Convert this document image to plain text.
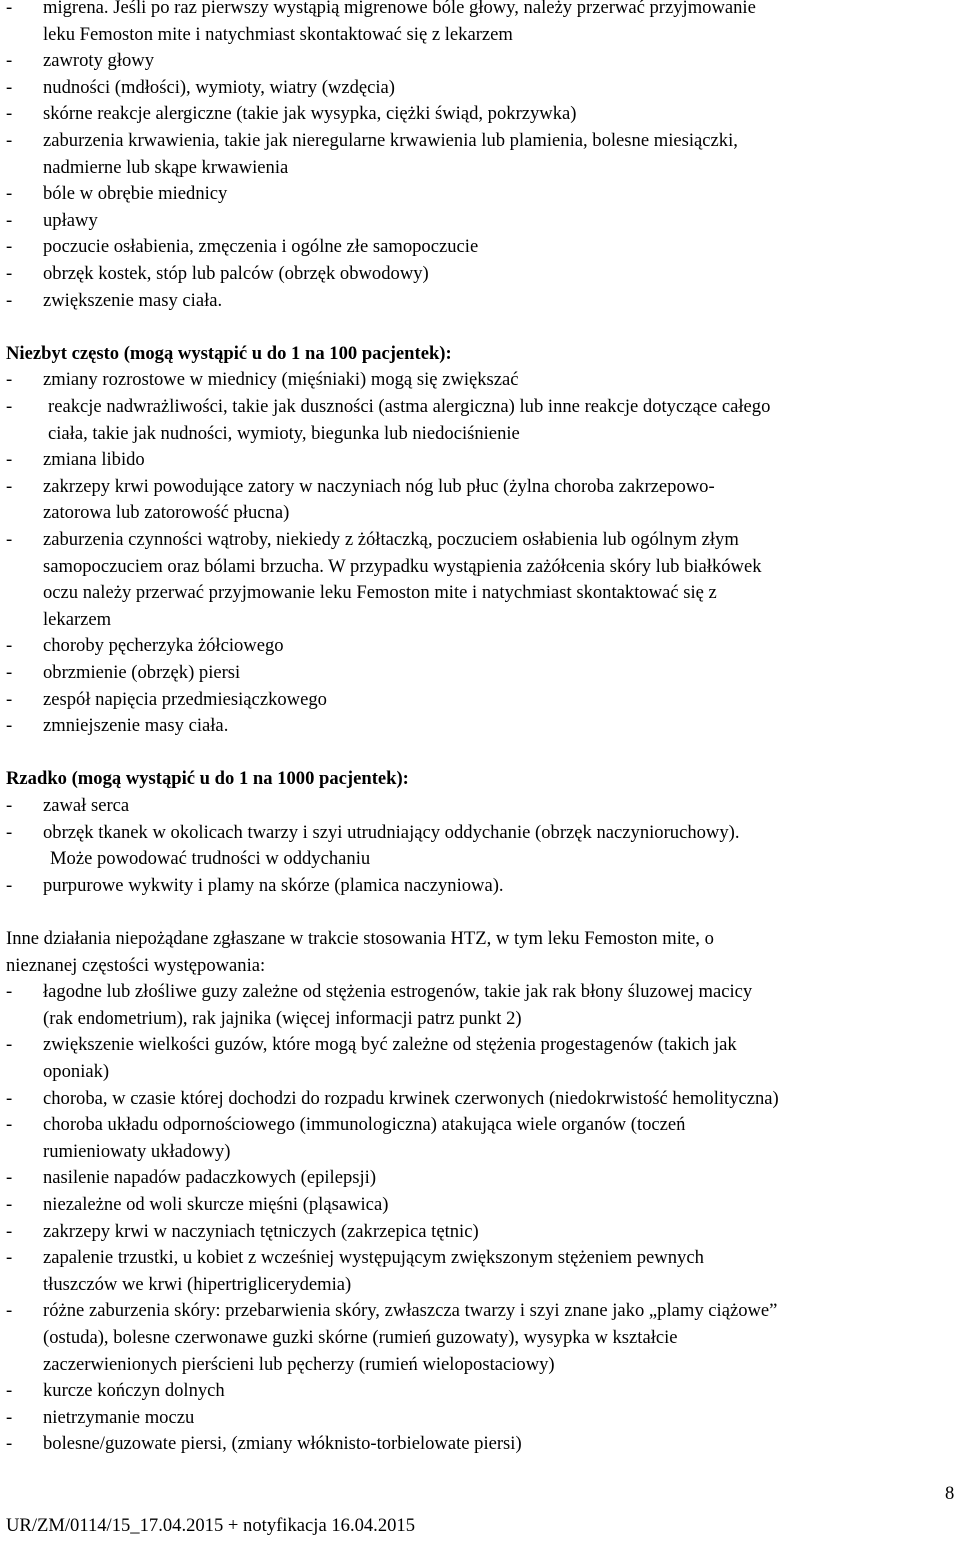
- migrena. Jeśli po raz pierwszy wystąpią migrenowe bóle głowy, należy przerwać przyjmowanie
leku Femoston mite i natychmiast skontaktować się z lekarzem
- zawroty głowy
- nudności (mdłości), wymioty, wiatry (wzdęcia)
- skórne reakcje alergiczne (takie jak wysypka, ciężki świąd, pokrzywka)
- zaburzenia krwawienia, takie jak nieregularne krwawienia lub plamienia, bolesne miesiączki,
nadmierne lub skąpe krwawienia
- bóle w obrębie miednicy
- upławy
- poczucie osłabienia, zmęczenia i ogólne złe samopoczucie
- obrzęk kostek, stóp lub palców (obrzęk obwodowy)
- zwiększenie masy ciała.
Niezbyt często (mogą wystąpić u do 1 na 100 pacjentek):
- zmiany rozrostowe w miednicy (mięśniaki) mogą się zwiększać
- reakcje nadwrażliwości, takie jak duszności (astma alergiczna) lub inne reakcje dotyczące całego
ciała, takie jak nudności, wymioty, biegunka lub niedociśnienie
- zmiana libido
- zakrzepy krwi powodujące zatory w naczyniach nóg lub płuc (żylna choroba zakrzepowo-
zatorowa lub zatorowość płucna)
- zaburzenia czynności wątroby, niekiedy z żółtaczką, poczuciem osłabienia lub ogólnym złym
samopoczuciem oraz bólami brzucha. W przypadku wystąpienia zażółcenia skóry lub białkówek
oczu należy przerwać przyjmowanie leku Femoston mite i natychmiast skontaktować się z
lekarzem
- choroby pęcherzyka żółciowego
- obrzmienie (obrzęk) piersi
- zespół napięcia przedmiesiączkowego
- zmniejszenie masy ciała.
Rzadko (mogą wystąpić u do 1 na 1000 pacjentek):
- zawał serca
- obrzęk tkanek w okolicach twarzy i szyi utrudniający oddychanie (obrzęk naczynioruchowy).
Może powodować trudności w oddychaniu
- purpurowe wykwity i plamy na skórze (plamica naczyniowa).
Inne działania niepożądane zgłaszane w trakcie stosowania HTZ, w tym leku Femoston mite, o
nieznanej częstości występowania:
- łagodne lub złośliwe guzy zależne od stężenia estrogenów, takie jak rak błony śluzowej macicy
(rak endometrium), rak jajnika (więcej informacji patrz punkt 2)
- zwiększenie wielkości guzów, które mogą być zależne od stężenia progestagenów (takich jak
oponiak)
- choroba, w czasie której dochodzi do rozpadu krwinek czerwonych (niedokrwistość hemolityczna)
- choroba układu odpornościowego (immunologiczna) atakująca wiele organów (toczeń
rumieniowaty układowy)
- nasilenie napadów padaczkowych (epilepsji)
- niezależne od woli skurcze mięśni (pląsawica)
- zakrzepy krwi w naczyniach tętniczych (zakrzepica tętnic)
- zapalenie trzustki, u kobiet z wcześniej występującym zwiększonym stężeniem pewnych
tłuszczów we krwi (hipertriglicerydemia)
- różne zaburzenia skóry: przebarwienia skóry, zwłaszcza twarzy i szyi znane jako „plamy ciążowe”
(ostuda), bolesne czerwonawe guzki skórne (rumień guzowaty), wysypka w kształcie
zaczerwienionych pierścieni lub pęcherzy (rumień wielopostaciowy)
- kurcze kończyn dolnych
- nietrzymanie moczu
- bolesne/guzowate piersi, (zmiany włóknisto-torbielowate piersi)
8
UR/ZM/0114/15_17.04.2015 + notyfikacja 16.04.2015
